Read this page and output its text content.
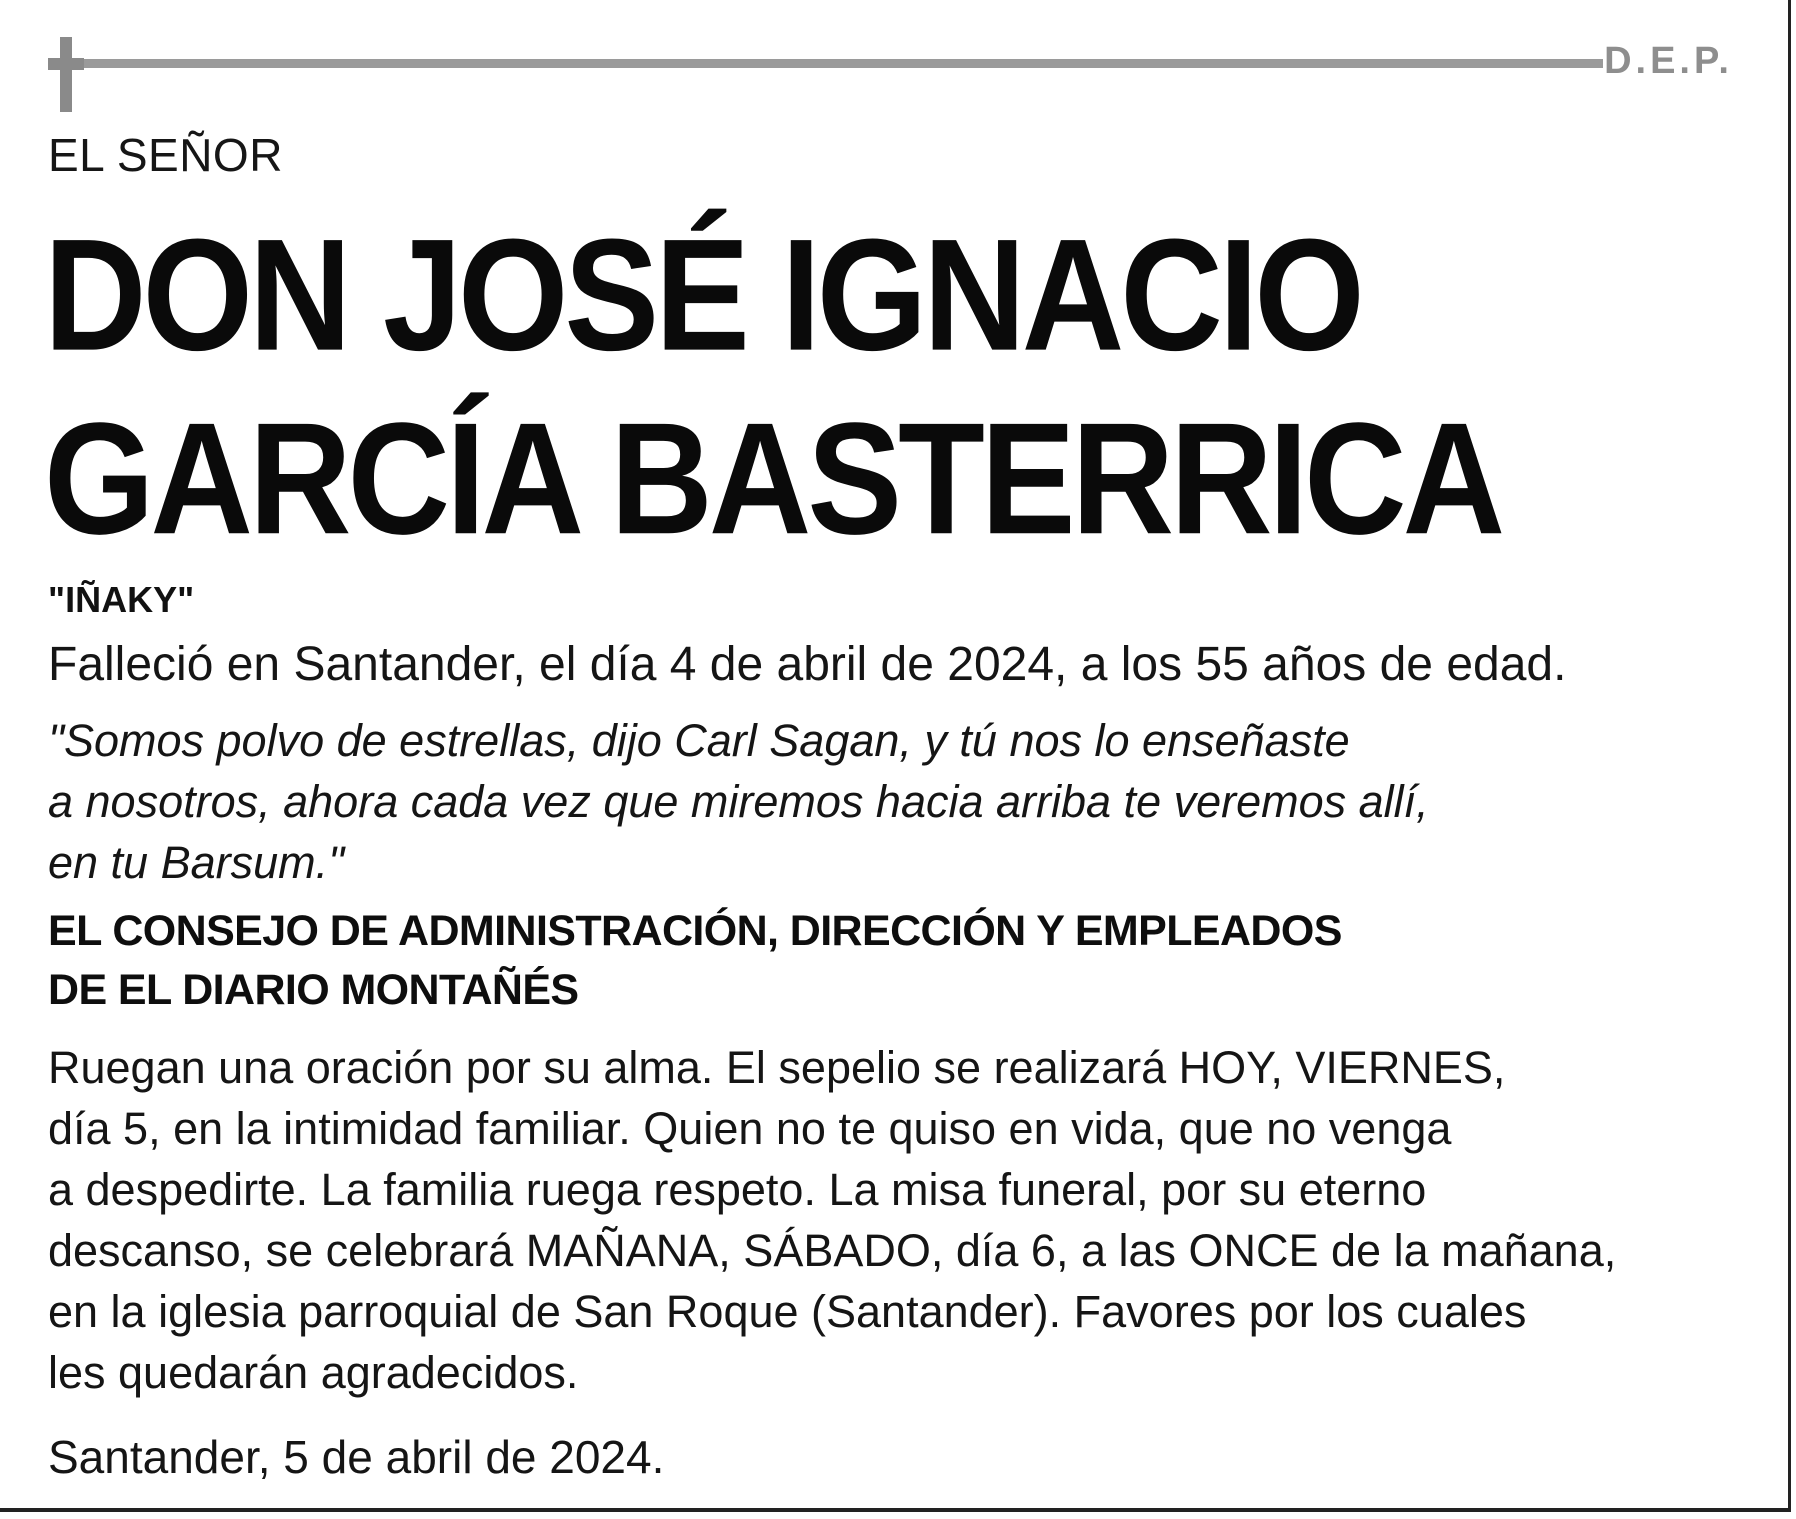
D.E.P.
EL SEÑOR
DON JOSÉ IGNACIO
GARCÍA BASTERRICA
"IÑAKY"
Falleció en Santander, el día 4 de abril de 2024, a los 55 años de edad.
"Somos polvo de estrellas, dijo Carl Sagan, y tú nos lo enseñaste
a nosotros, ahora cada vez que miremos hacia arriba te veremos allí,
en tu Barsum."
EL CONSEJO DE ADMINISTRACIÓN, DIRECCIÓN Y EMPLEADOS
DE EL DIARIO MONTAÑÉS
Ruegan una oración por su alma. El sepelio se realizará HOY, VIERNES,
día 5, en la intimidad familiar. Quien no te quiso en vida, que no venga
a despedirte. La familia ruega respeto. La misa funeral, por su eterno
descanso, se celebrará MAÑANA, SÁBADO, día 6, a las ONCE de la mañana,
en la iglesia parroquial de San Roque (Santander). Favores por los cuales
les quedarán agradecidos.
Santander, 5 de abril de 2024.
